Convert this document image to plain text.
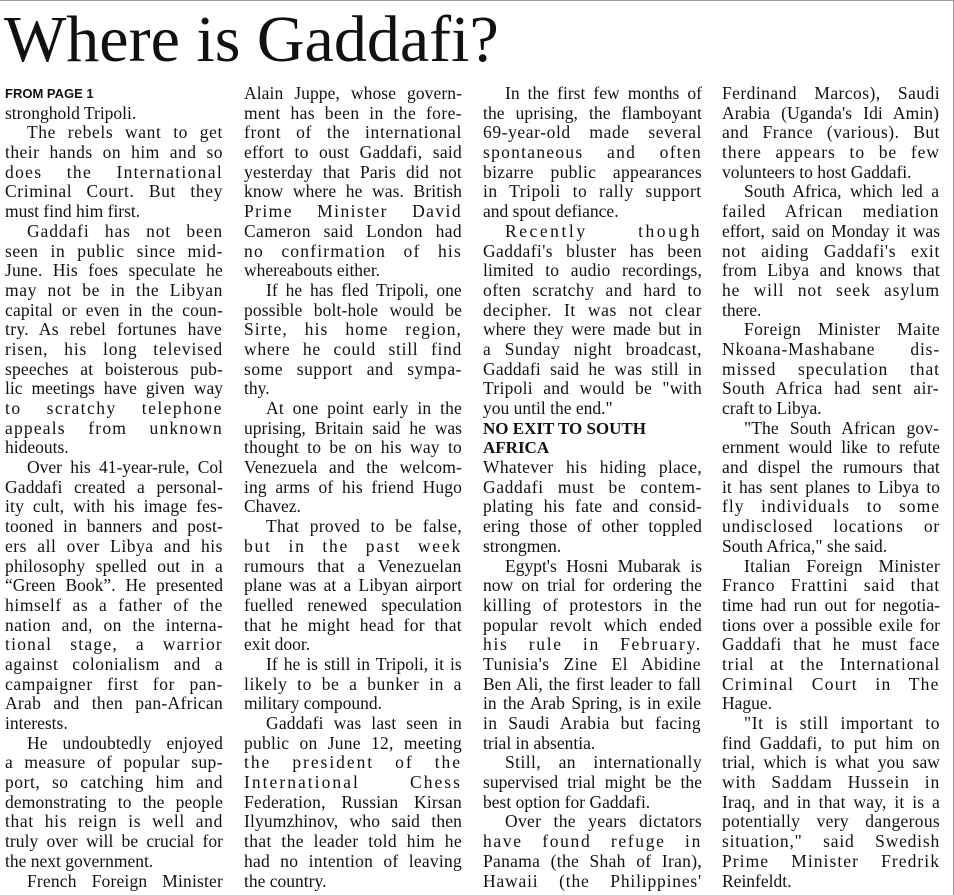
Where is Gaddafi?
FROM PAGE 1
stronghold Tripoli.
The rebels want to get
their hands on him and so
does the International
Criminal Court. But they
must find him first.
Gaddafi has not been
seen in public since mid-
June. His foes speculate he
may not be in the Libyan
capital or even in the coun-
try. As rebel fortunes have
risen, his long televised
speeches at boisterous pub-
lic meetings have given way
to scratchy telephone
appeals from unknown
hideouts.
Over his 41-year-rule, Col
Gaddafi created a personal-
ity cult, with his image fes-
tooned in banners and post-
ers all over Libya and his
philosophy spelled out in a
“Green Book”. He presented
himself as a father of the
nation and, on the interna-
tional stage, a warrior
against colonialism and a
campaigner first for pan-
Arab and then pan-African
interests.
He undoubtedly enjoyed
a measure of popular sup-
port, so catching him and
demonstrating to the people
that his reign is well and
truly over will be crucial for
the next government.
French Foreign Minister
Alain Juppe, whose govern-
ment has been in the fore-
front of the international
effort to oust Gaddafi, said
yesterday that Paris did not
know where he was. British
Prime Minister David
Cameron said London had
no confirmation of his
whereabouts either.
If he has fled Tripoli, one
possible bolt-hole would be
Sirte, his home region,
where he could still find
some support and sympa-
thy.
At one point early in the
uprising, Britain said he was
thought to be on his way to
Venezuela and the welcom-
ing arms of his friend Hugo
Chavez.
That proved to be false,
but in the past week
rumours that a Venezuelan
plane was at a Libyan airport
fuelled renewed speculation
that he might head for that
exit door.
If he is still in Tripoli, it is
likely to be a bunker in a
military compound.
Gaddafi was last seen in
public on June 12, meeting
the president of the
International Chess
Federation, Russian Kirsan
Ilyumzhinov, who said then
that the leader told him he
had no intention of leaving
the country.
In the first few months of
the uprising, the flamboyant
69-year-old made several
spontaneous and often
bizarre public appearances
in Tripoli to rally support
and spout defiance.
Recently though
Gaddafi's bluster has been
limited to audio recordings,
often scratchy and hard to
decipher. It was not clear
where they were made but in
a Sunday night broadcast,
Gaddafi said he was still in
Tripoli and would be "with
you until the end."
NO EXIT TO SOUTH
AFRICA
Whatever his hiding place,
Gaddafi must be contem-
plating his fate and consid-
ering those of other toppled
strongmen.
Egypt's Hosni Mubarak is
now on trial for ordering the
killing of protestors in the
popular revolt which ended
his rule in February.
Tunisia's Zine El Abidine
Ben Ali, the first leader to fall
in the Arab Spring, is in exile
in Saudi Arabia but facing
trial in absentia.
Still, an internationally
supervised trial might be the
best option for Gaddafi.
Over the years dictators
have found refuge in
Panama (the Shah of Iran),
Hawaii (the Philippines'
Ferdinand Marcos), Saudi
Arabia (Uganda's Idi Amin)
and France (various). But
there appears to be few
volunteers to host Gaddafi.
South Africa, which led a
failed African mediation
effort, said on Monday it was
not aiding Gaddafi's exit
from Libya and knows that
he will not seek asylum
there.
Foreign Minister Maite
Nkoana-Mashabane dis-
missed speculation that
South Africa had sent air-
craft to Libya.
"The South African gov-
ernment would like to refute
and dispel the rumours that
it has sent planes to Libya to
fly individuals to some
undisclosed locations or
South Africa," she said.
Italian Foreign Minister
Franco Frattini said that
time had run out for negotia-
tions over a possible exile for
Gaddafi that he must face
trial at the International
Criminal Court in The
Hague.
"It is still important to
find Gaddafi, to put him on
trial, which is what you saw
with Saddam Hussein in
Iraq, and in that way, it is a
potentially very dangerous
situation," said Swedish
Prime Minister Fredrik
Reinfeldt.
